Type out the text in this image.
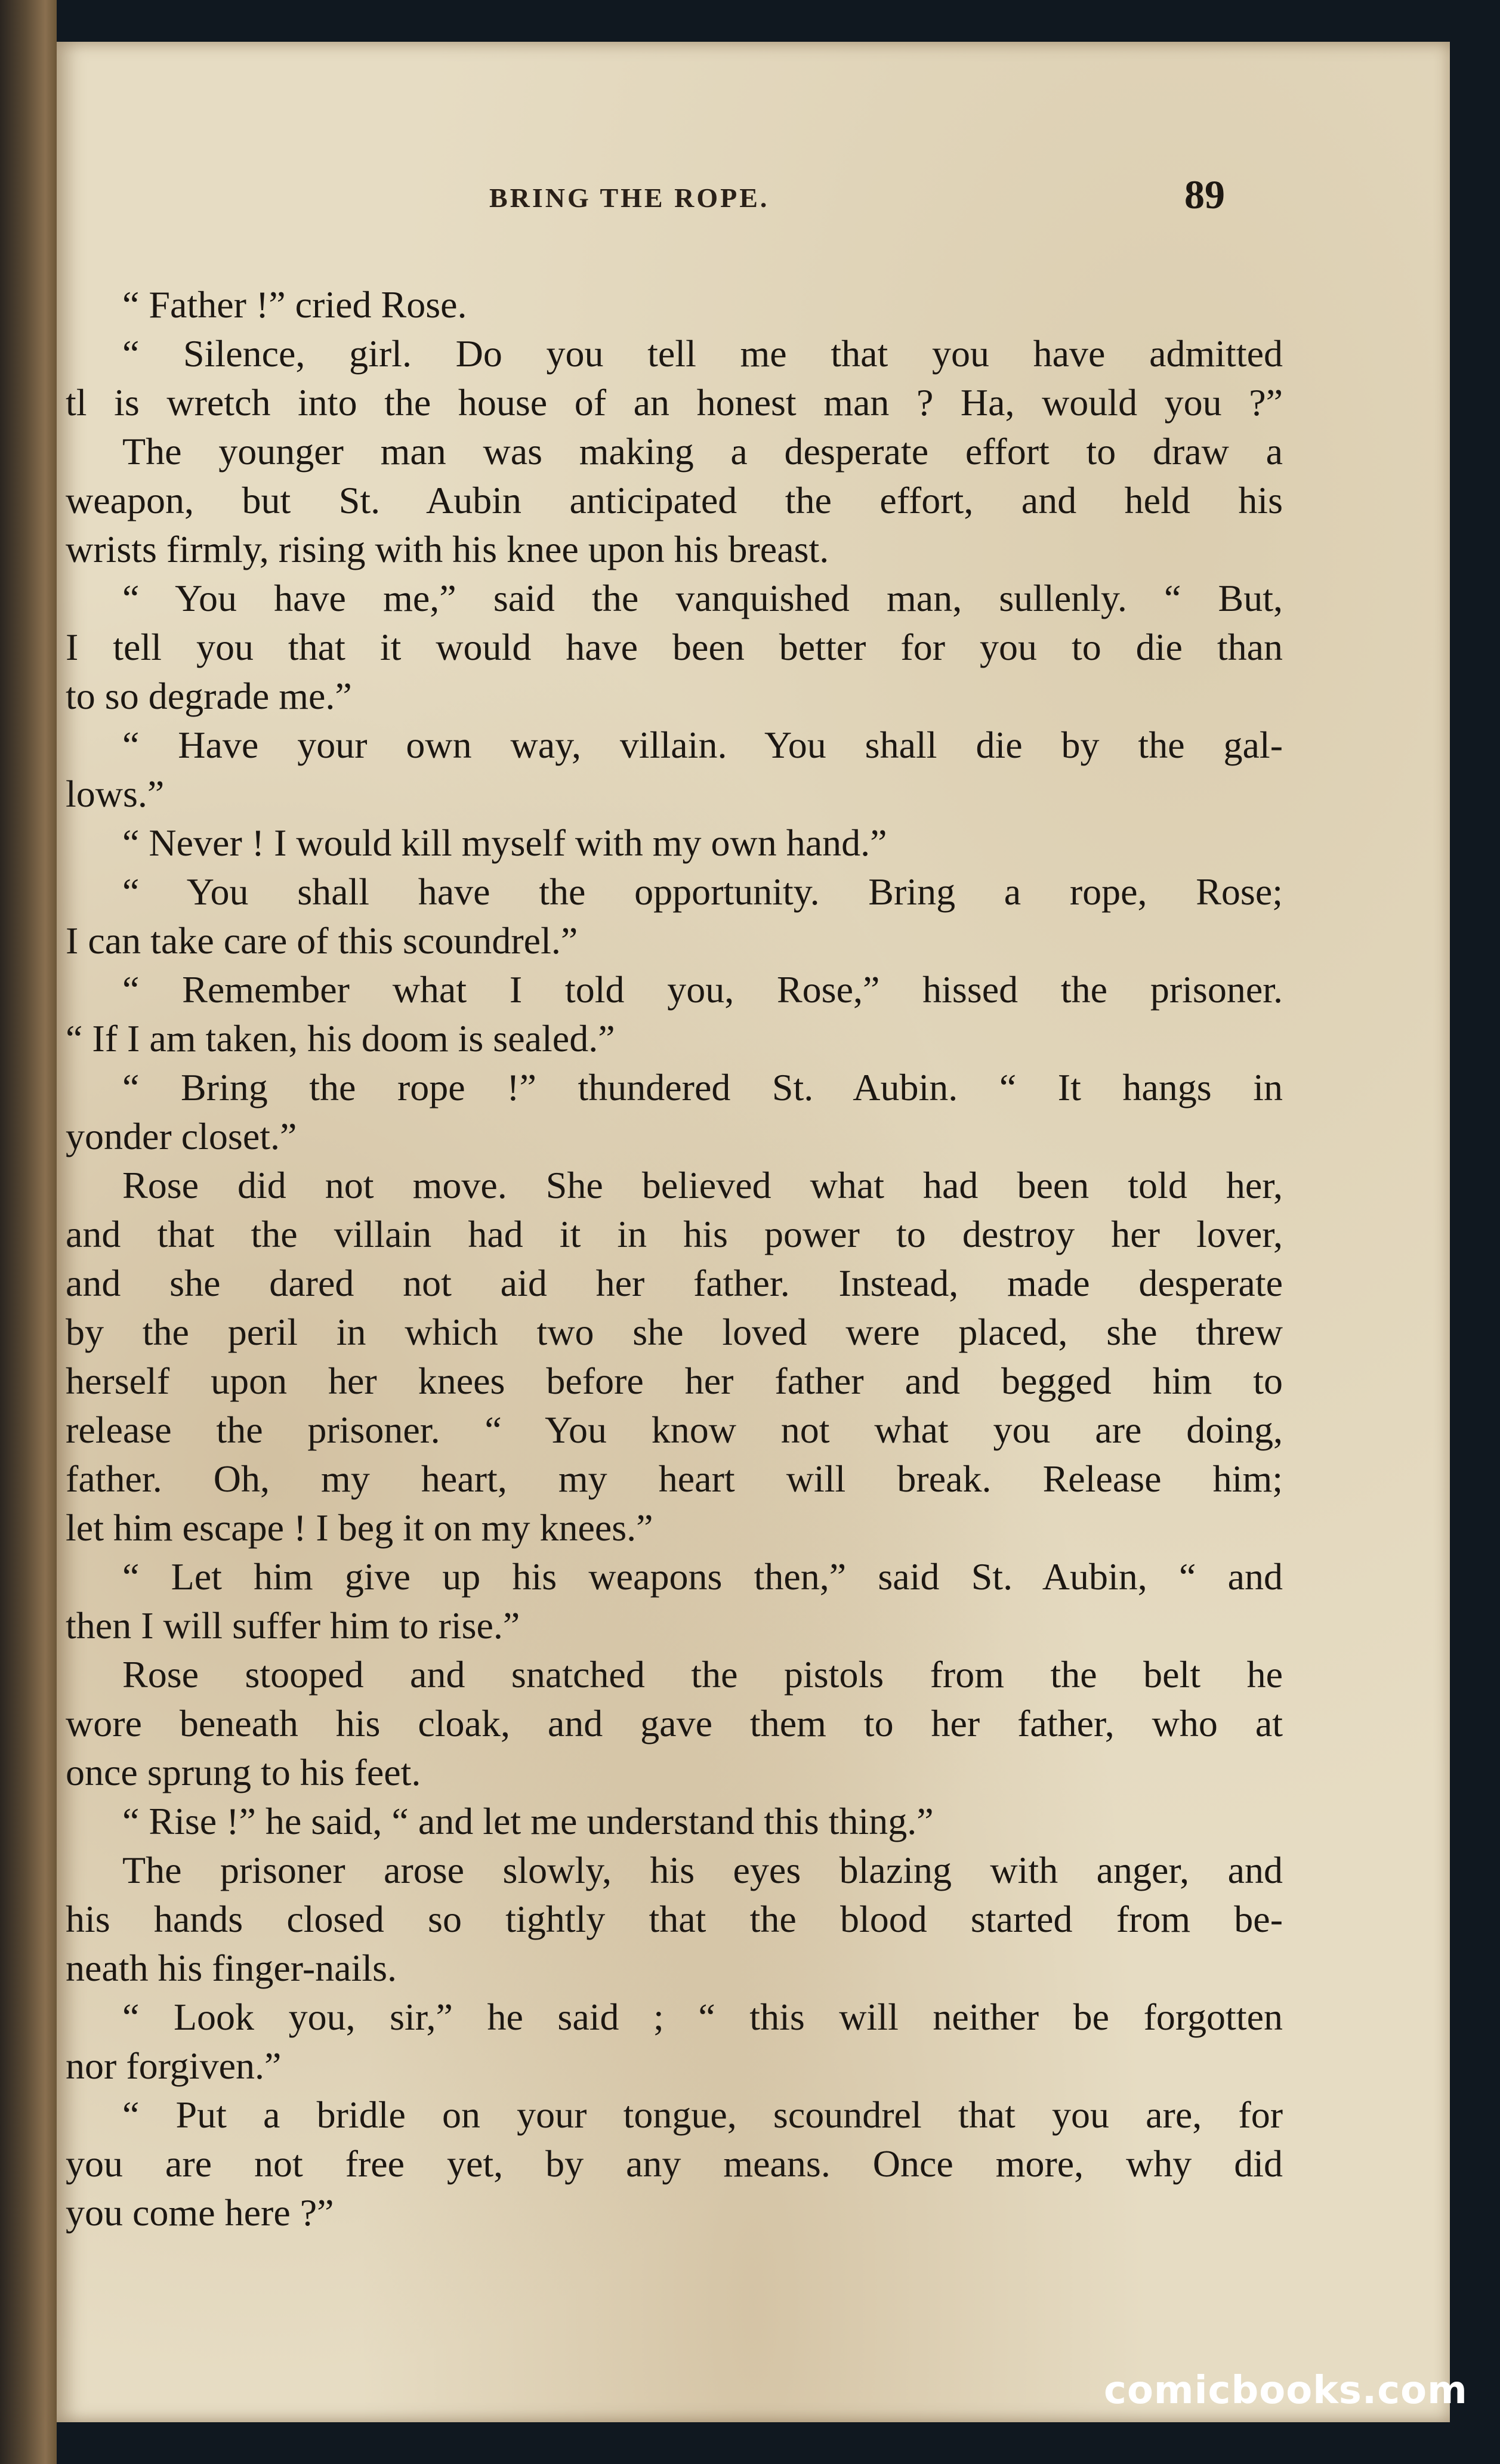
BRING THE ROPE.	89
“ Father !” cried Rose.
“ Silence, girl. Do you tell me that you have admitted
tl is wretch into the house of an honest man ? Ha, would you ?”
The younger man was making a desperate effort to draw a
weapon, but St. Aubin anticipated the effort, and held his
wrists firmly, rising with his knee upon his breast.
“ You have me,” said the vanquished man, sullenly. “ But,
I tell you that it would have been better for you to die than
to so degrade me.”
“ Have your own way, villain. You shall die by the gal-
lows.”
“ Never ! I would kill myself with my own hand.”
“ You shall have the opportunity. Bring a rope, Rose;
I can take care of this scoundrel.”
“ Remember what I told you, Rose,” hissed the prisoner.
“ If I am taken, his doom is sealed.”
“ Bring the rope !” thundered St. Aubin. “ It hangs in
yonder closet.”
Rose did not move. She believed what had been told her,
and that the villain had it in his power to destroy her lover,
and she dared not aid her father. Instead, made desperate
by the peril in which two she loved were placed, she threw
herself upon her knees before her father and begged him to
release the prisoner. “ You know not what you are doing,
father. Oh, my heart, my heart will break. Release him;
let him escape ! I beg it on my knees.”
“ Let him give up his weapons then,” said St. Aubin, “ and
then I will suffer him to rise.”
Rose stooped and snatched the pistols from the belt he
wore beneath his cloak, and gave them to her father, who at
once sprung to his feet.
“ Rise !” he said, “ and let me understand this thing.”
The prisoner arose slowly, his eyes blazing with anger, and
his hands closed so tightly that the blood started from be-
neath his finger-nails.
“ Look you, sir,” he said ; “ this will neither be forgotten
nor forgiven.”
“ Put a bridle on your tongue, scoundrel that you are, for
you are not free yet, by any means. Once more, why did
you come here ?”
comicbooks.com
